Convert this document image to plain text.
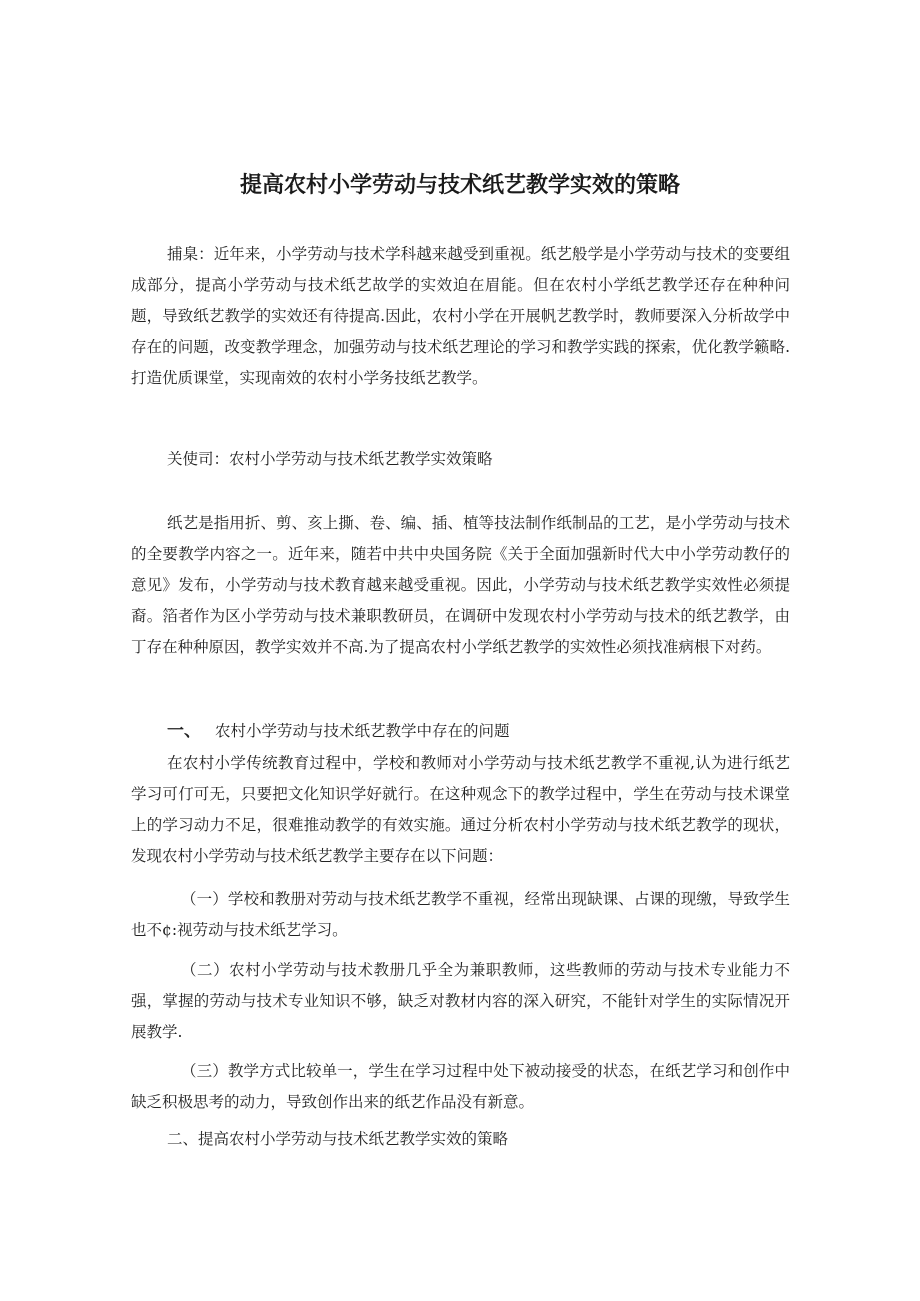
提高农村小学劳动与技术纸艺教学实效的策略

捕臬：近年来，小学劳动与技术学科越来越受到重视。纸艺般学是小学劳动与技术的变要组成部分，提高小学劳动与技术纸艺故学的实效迫在眉能。但在农村小学纸艺教学还存在种种问题，导致纸艺教学的实效还有待提高.因此，农村小学在开展帆艺教学时，教师要深入分析故学中存在的问题，改变教学理念，加强劳动与技术纸艺理论的学习和教学实践的探索，优化教学籁略.打造优质课堂，实现南效的农村小学务技纸艺教学。

关使司：农村小学劳动与技术纸艺教学实效策略

纸艺是指用折、剪、亥上撕、卷、编、插、植等技法制作纸制品的工艺，是小学劳动与技术的全要教学内容之一。近年来，随若中共中央国务院《关于全面加强新时代大中小学劳动教仔的意见》发布，小学劳动与技术教育越来越受重视。因此，小学劳动与技术纸艺教学实效性必须提裔。箔者作为区小学劳动与技术兼职教研员，在调研中发现农村小学劳动与技术的纸艺教学，由丁存在种种原因，教学实效并不高.为了提高农村小学纸艺教学的实效性必须找准病根下对药。

一、 农村小学劳动与技术纸艺教学中存在的问题

在农村小学传统教育过程中，学校和教师对小学劳动与技术纸艺教学不重视,认为进行纸艺学习可仃可无，只要把文化知识学好就行。在这种观念下的教学过程中，学生在劳动与技术课堂上的学习动力不足，很难推动教学的有效实施。通过分析农村小学劳动与技术纸艺教学的现状，发现农村小学劳动与技术纸艺教学主要存在以下问题：

（一）学校和教册对劳动与技术纸艺教学不重视，经常出现缺课、占课的现缴，导致学生也不¢:视劳动与技术纸艺学习。

（二）农村小学劳动与技术教册几乎全为兼职教师，这些教师的劳动与技术专业能力不强，掌握的劳动与技术专业知识不够，缺乏对教材内容的深入研究，不能针对学生的实际情况开展教学.

（三）教学方式比较单一，学生在学习过程中处下被动接受的状态，在纸艺学习和创作中缺乏积极思考的动力，导致创作出来的纸艺作品没有新意。

二、提高农村小学劳动与技术纸艺教学实效的策略
